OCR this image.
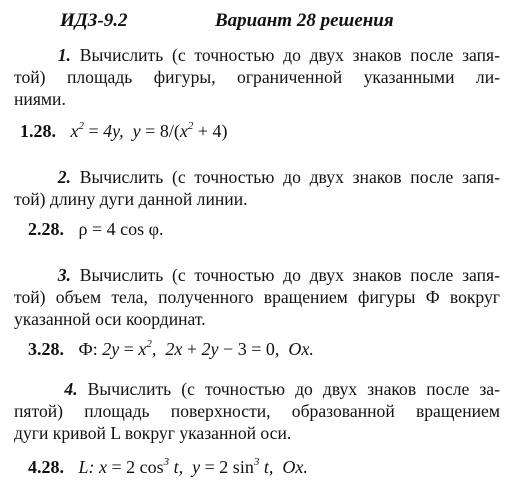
ИДЗ-9.2	Вариант 28 решения
1. Вычислить (с точностью до двух знаков после запя-
той) площадь фигуры, ограниченной указанными ли-
ниями.
1.28. $x^2 = 4y$,  $y = 8/(x^2 + 4)$
2. Вычислить (с точностью до двух знаков после запя-
той) длину дуги данной линии.
2.28. ρ = 4 cos φ.
3. Вычислить (с точностью до двух знаков после запя-
той) объем тела, полученного вращением фигуры Ф вокруг
указанной оси координат.
3.28. Ф: $2y = x^2$,  2x + 2y − 3 = 0,  Ox.
4. Вычислить (с точностью до двух знаков после за-
пятой) площадь поверхности, образованной вращением
дуги кривой L вокруг указанной оси.
4.28. L: x = 2 $\cos^3 t$,  y = 2 $\sin^3 t$,  Ox.
